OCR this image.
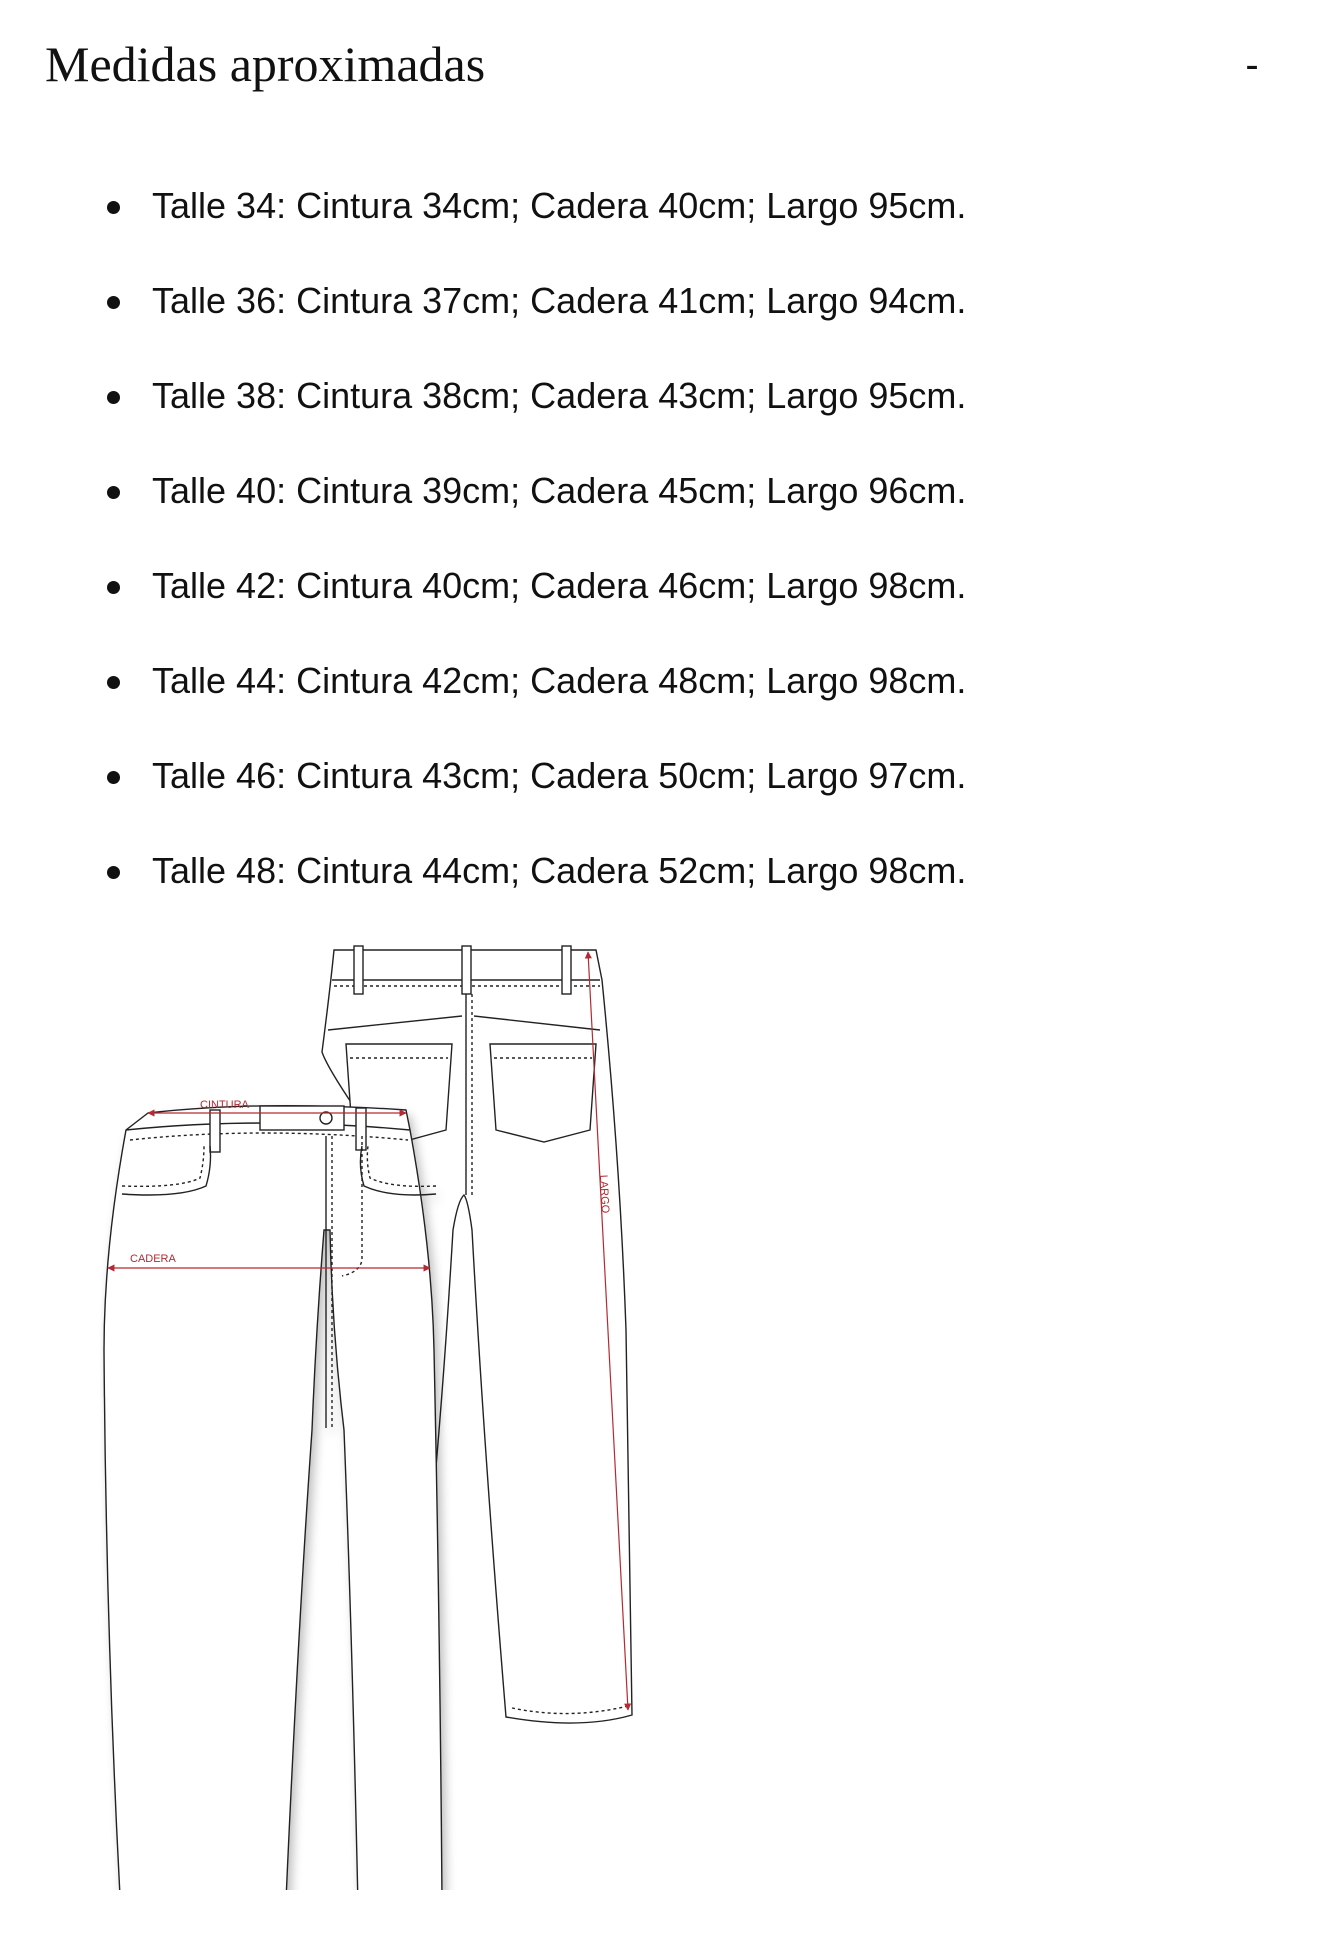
Medidas aproximadas	-
Talle 34: Cintura 34cm; Cadera 40cm; Largo 95cm.
Talle 36: Cintura 37cm; Cadera 41cm; Largo 94cm.
Talle 38: Cintura 38cm; Cadera 43cm; Largo 95cm.
Talle 40: Cintura 39cm; Cadera 45cm; Largo 96cm.
Talle 42: Cintura 40cm; Cadera 46cm; Largo 98cm.
Talle 44: Cintura 42cm; Cadera 48cm; Largo 98cm.
Talle 46: Cintura 43cm; Cadera 50cm; Largo 97cm.
Talle 48: Cintura 44cm; Cadera 52cm; Largo 98cm.
LARGO
CINTURA
CADERA
